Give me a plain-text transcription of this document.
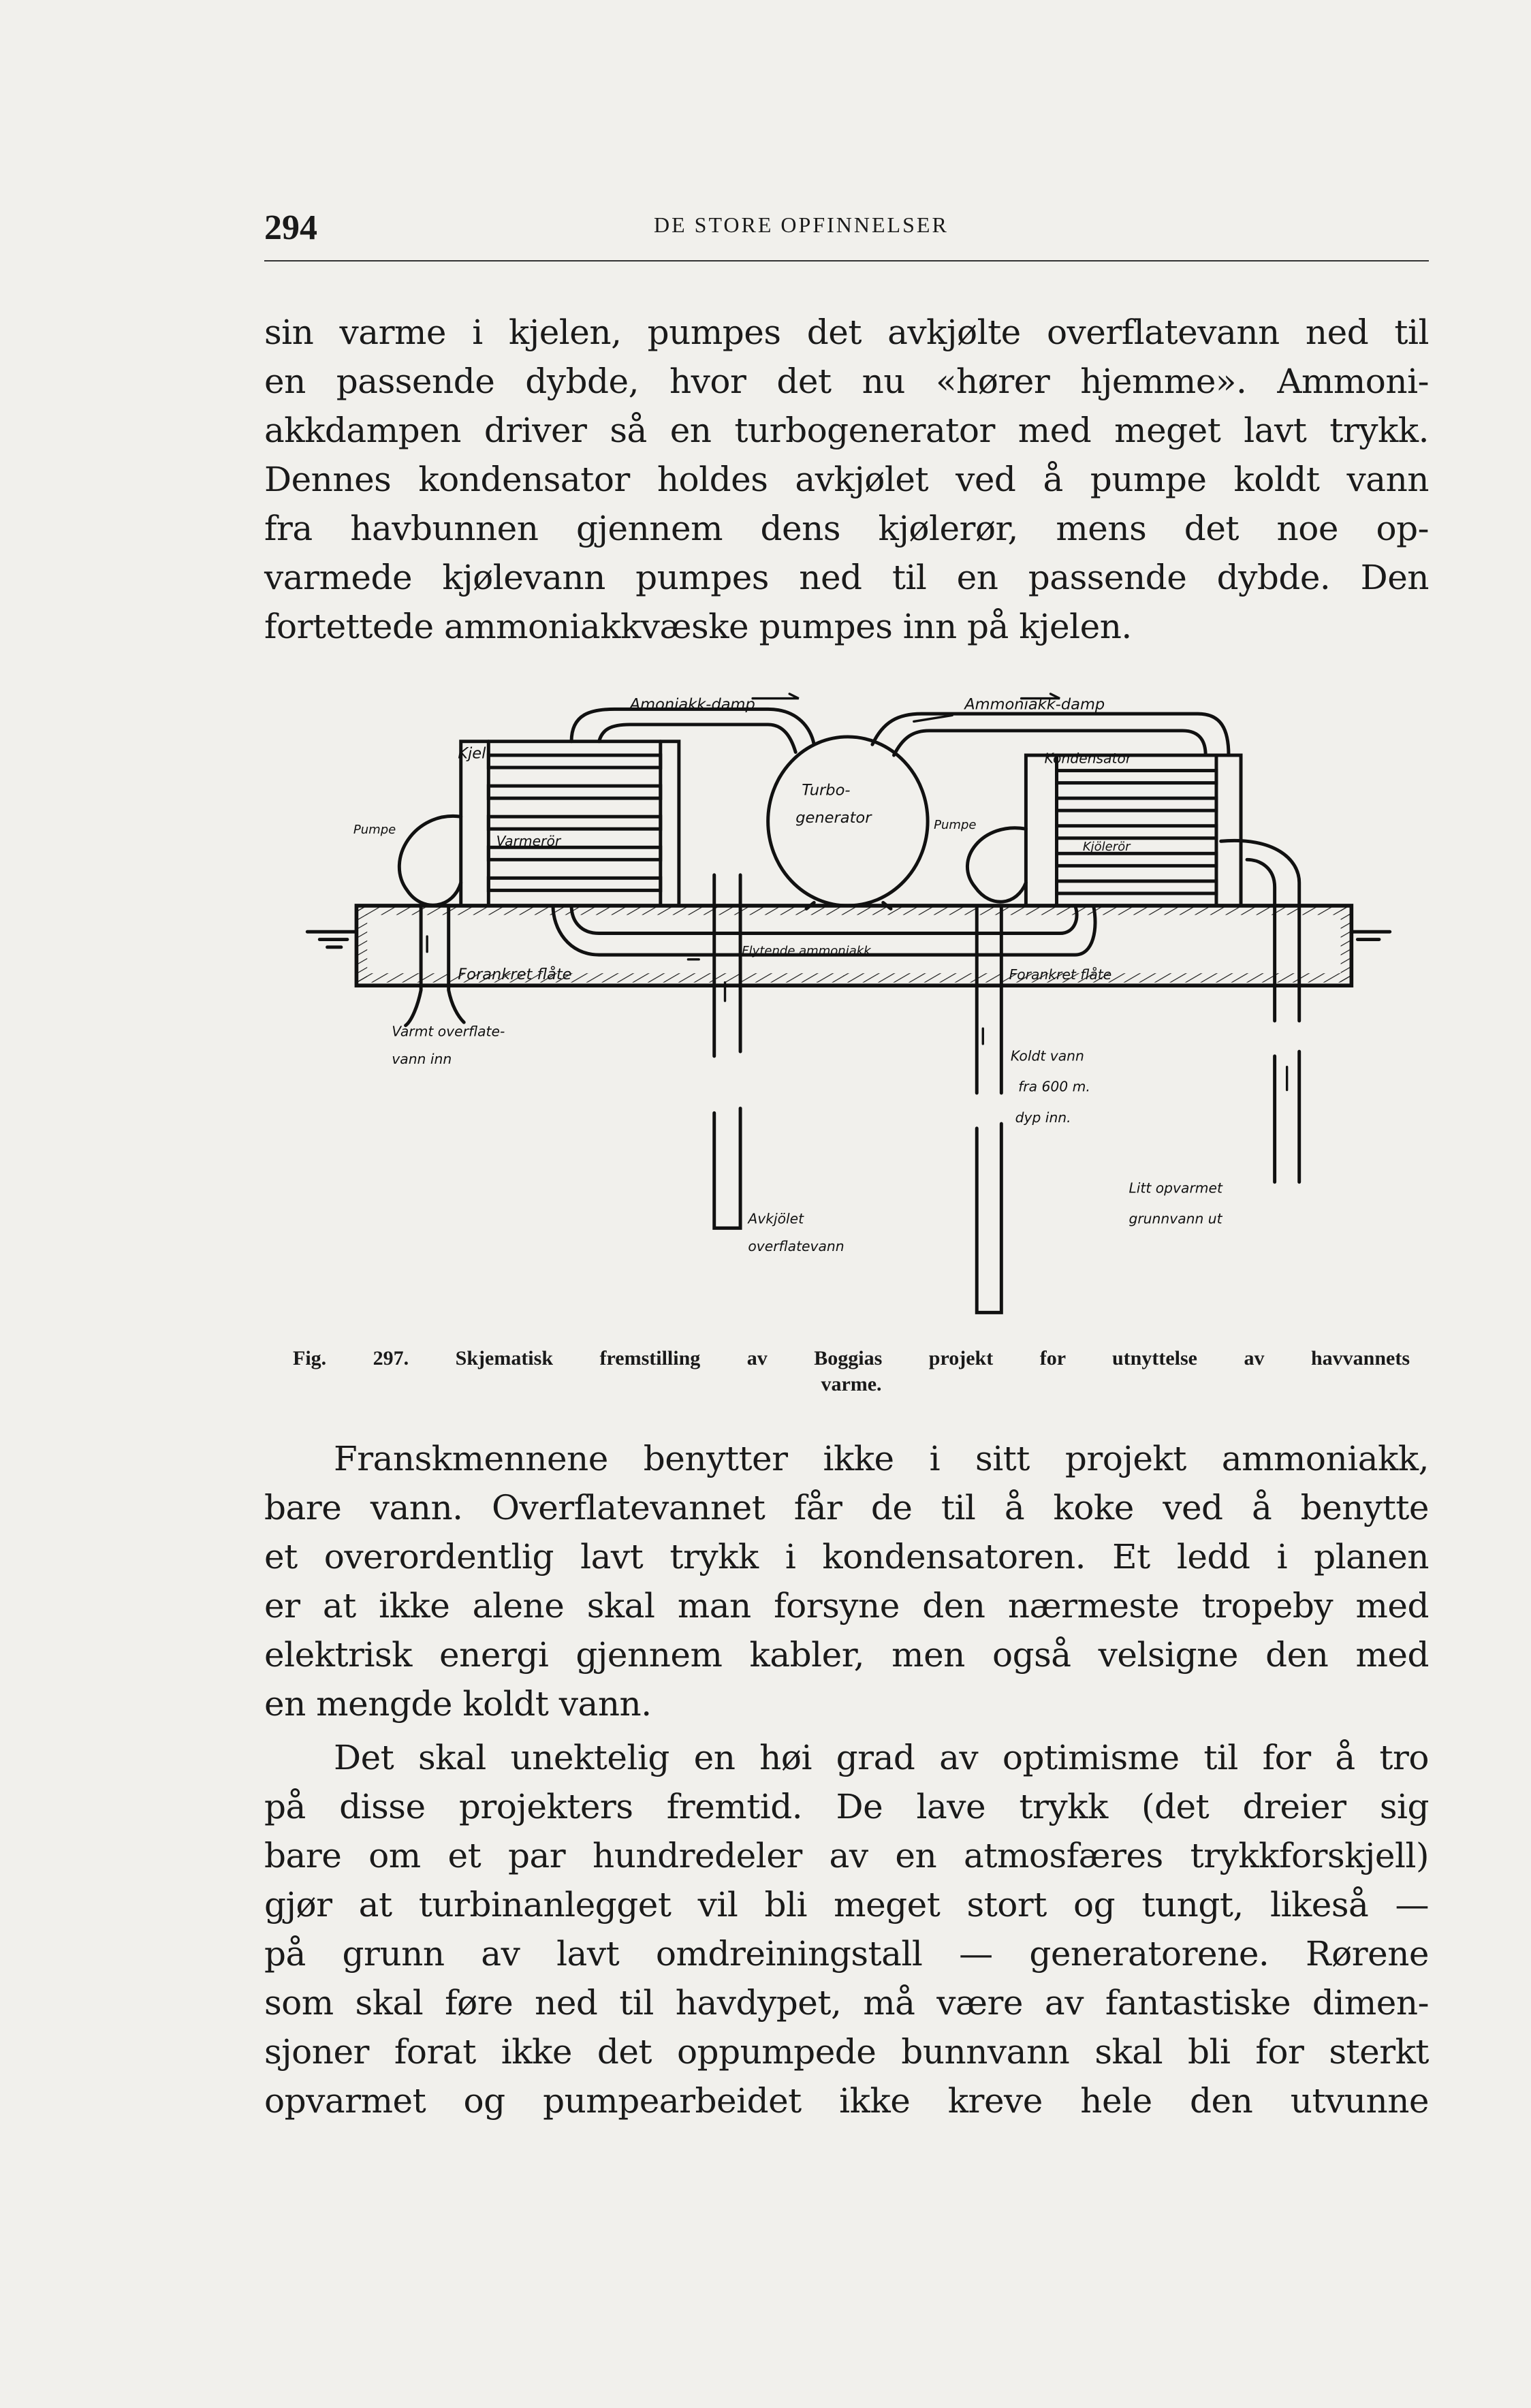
294	DE STORE OPFINNELSER
sin varme i kjelen, pumpes det avkjølte overflatevann ned til
en passende dybde, hvor det nu «hører hjemme». Ammoni-
akkdampen driver så en turbogenerator med meget lavt trykk.
Dennes kondensator holdes avkjølet ved å pumpe koldt vann
fra havbunnen gjennem dens kjølerør, mens det noe op-
varmede kjølevann pumpes ned til en passende dybde. Den
fortettede ammoniakkvæske pumpes inn på kjelen.
Amoniakk-damp	Ammoniakk-damp
Kjel
Pumpe
Varmerör
Turbo-
generator	Pumpe
Kondensator
Kjölerör
Flytende ammoniakk
Forankret flåte	Forankret flåte
Varmt overflate-
vann inn	Koldt vann
fra 600 m.
dyp inn.
Avkjölet
overflatevann
Litt opvarmet
grunnvann ut
Fig. 297. Skjematisk fremstilling av Boggias projekt for utnyttelse av havvannets
varme.
Franskmennene benytter ikke i sitt projekt ammoniakk,
bare vann. Overflatevannet får de til å koke ved å benytte
et overordentlig lavt trykk i kondensatoren. Et ledd i planen
er at ikke alene skal man forsyne den nærmeste tropeby med
elektrisk energi gjennem kabler, men også velsigne den med
en mengde koldt vann.
Det skal unektelig en høi grad av optimisme til for å tro
på disse projekters fremtid. De lave trykk (det dreier sig
bare om et par hundredeler av en atmosfæres trykkforskjell)
gjør at turbinanlegget vil bli meget stort og tungt, likeså —
på grunn av lavt omdreiningstall — generatorene. Rørene
som skal føre ned til havdypet, må være av fantastiske dimen-
sjoner forat ikke det oppumpede bunnvann skal bli for sterkt
opvarmet og pumpearbeidet ikke kreve hele den utvunne
